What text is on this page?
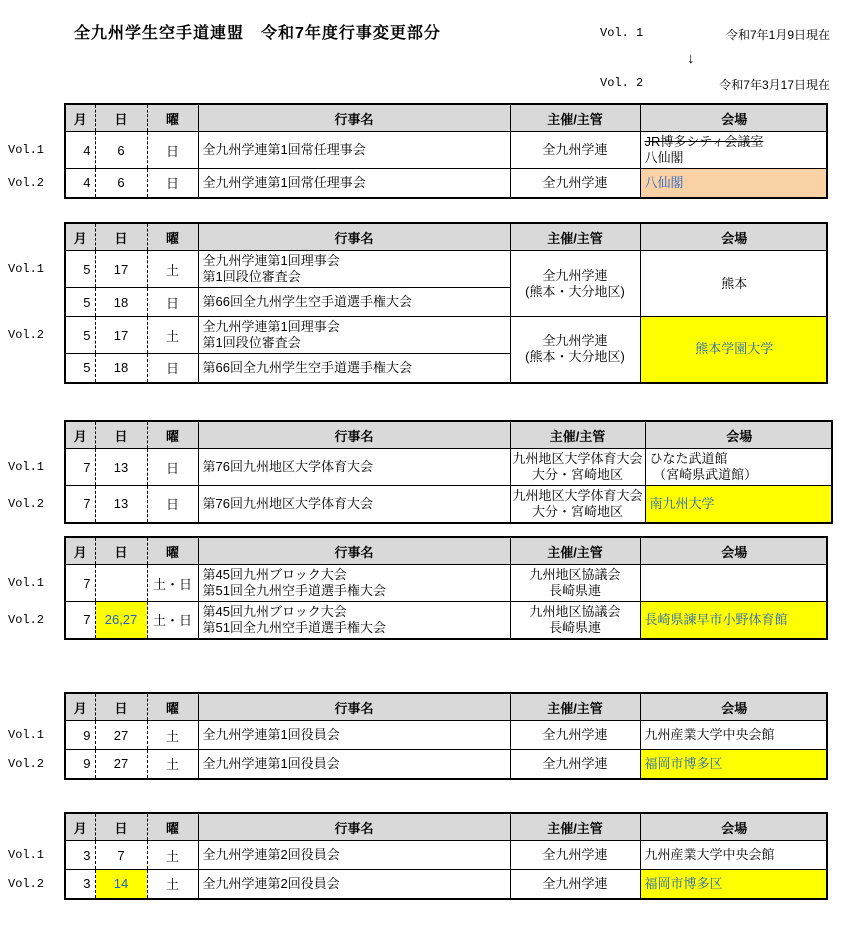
全九州学生空手道連盟　令和7年度行事変更部分	Vol. 1	令和7年1月9日現在
↓
Vol. 2	令和7年3月17日現在
	月	日	曜	行事名	主催/主管	会場
Vol.1	4	6	日	全九州学連第1回常任理事会	全九州学連	JR博多シティ会議室
八仙閣

Vol.2	4	6	日	全九州学連第1回常任理事会	全九州学連	八仙閣
	月	日	曜	行事名	主催/主管	会場
Vol.1	5	17	土	全九州学連第1回理事会
第1回段位審査会	全九州学連
(熊本・大分地区)	熊本

	5	18	日	第66回全九州学生空手道選手権大会		

Vol.2	5	17	土	全九州学連第1回理事会
第1回段位審査会	全九州学連
(熊本・大分地区)	熊本学園大学

	5	18	日	第66回全九州学生空手道選手権大会		
	月	日	曜	行事名	主催/主管	会場
Vol.1	7	13	日	第76回九州地区大学体育大会	九州地区大学体育大会
大分・宮崎地区	ひなた武道館
（宮崎県武道館）

Vol.2	7	13	日	第76回九州地区大学体育大会	九州地区大学体育大会
大分・宮崎地区	南九州大学
	月	日	曜	行事名	主催/主管	会場
Vol.1	7		土・日	第45回九州ブロック大会
第51回全九州空手道選手権大会	九州地区協議会
長崎県連	

Vol.2	7	26,27	土・日	第45回九州ブロック大会
第51回全九州空手道選手権大会	九州地区協議会
長崎県連	長崎県諫早市小野体育館
	月	日	曜	行事名	主催/主管	会場
Vol.1	9	27	土	全九州学連第1回役員会	全九州学連	九州産業大学中央会館

Vol.2	9	27	土	全九州学連第1回役員会	全九州学連	福岡市博多区
	月	日	曜	行事名	主催/主管	会場
Vol.1	3	7	土	全九州学連第2回役員会	全九州学連	九州産業大学中央会館

Vol.2	3	14	土	全九州学連第2回役員会	全九州学連	福岡市博多区
